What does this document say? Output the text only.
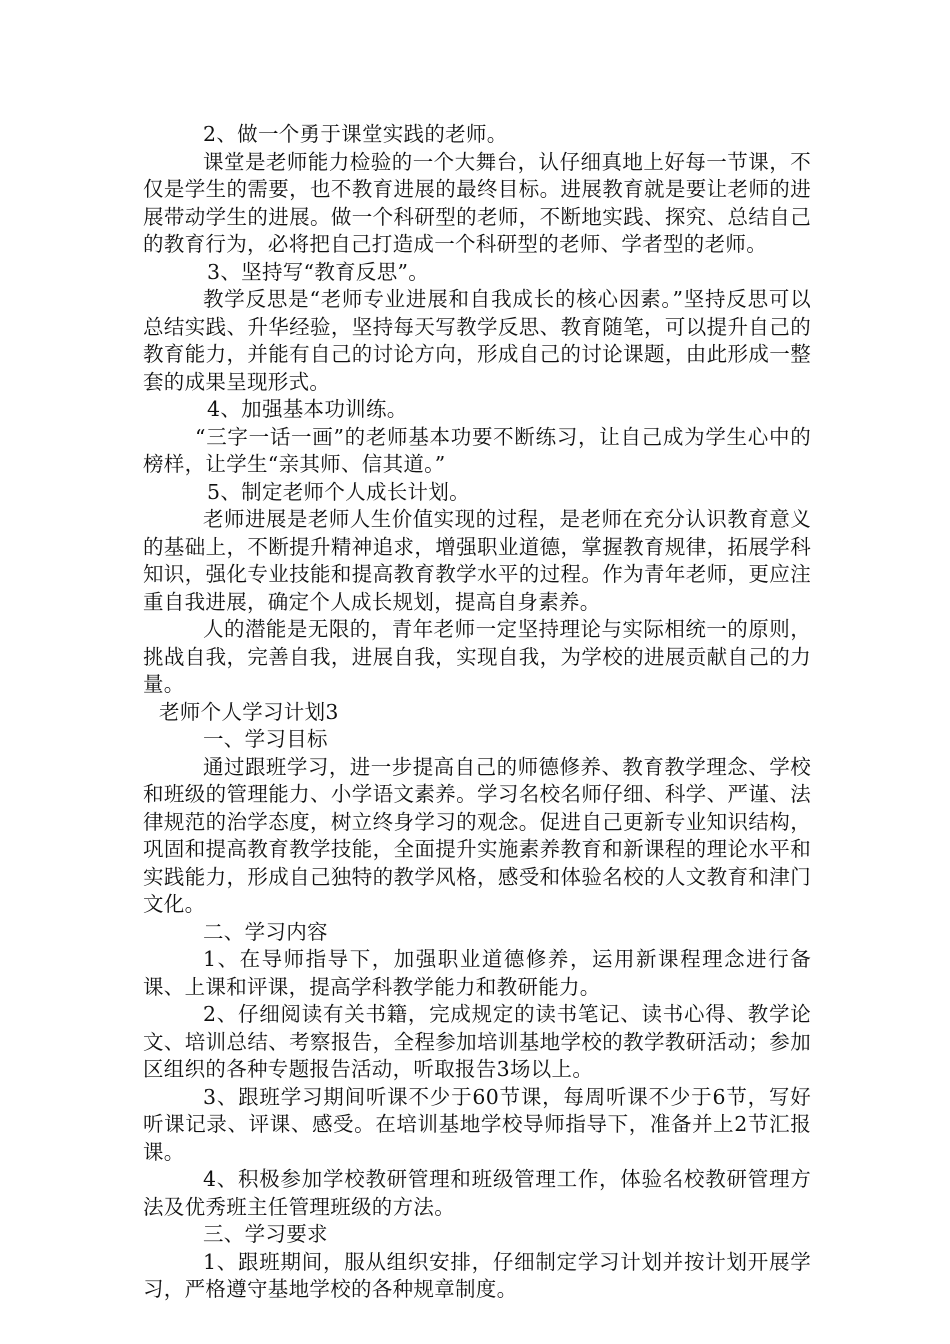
2、做一个勇于课堂实践的老师。

课堂是老师能力检验的一个大舞台，认仔细真地上好每一节课，不仅是学生的需要，也不教育进展的最终目标。进展教育就是要让老师的进展带动学生的进展。做一个科研型的老师，不断地实践、探究、总结自己的教育行为，必将把自己打造成一个科研型的老师、学者型的老师。

3、坚持写“教育反思”。

教学反思是“老师专业进展和自我成长的核心因素。”坚持反思可以总结实践、升华经验，坚持每天写教学反思、教育随笔，可以提升自己的教育能力，并能有自己的讨论方向，形成自己的讨论课题，由此形成一整套的成果呈现形式。

4、加强基本功训练。

“三字一话一画”的老师基本功要不断练习，让自己成为学生心中的榜样，让学生“亲其师、信其道。”

5、制定老师个人成长计划。

老师进展是老师人生价值实现的过程，是老师在充分认识教育意义的基础上，不断提升精神追求，增强职业道德，掌握教育规律，拓展学科知识，强化专业技能和提高教育教学水平的过程。作为青年老师，更应注重自我进展，确定个人成长规划，提高自身素养。

人的潜能是无限的，青年老师一定坚持理论与实际相统一的原则，挑战自我，完善自我，进展自我，实现自我，为学校的进展贡献自己的力量。

老师个人学习计划3

一、学习目标

通过跟班学习，进一步提高自己的师德修养、教育教学理念、学校和班级的管理能力、小学语文素养。学习名校名师仔细、科学、严谨、法律规范的治学态度，树立终身学习的观念。促进自己更新专业知识结构，巩固和提高教育教学技能，全面提升实施素养教育和新课程的理论水平和实践能力，形成自己独特的教学风格，感受和体验名校的人文教育和津门文化。

二、学习内容

1、在导师指导下，加强职业道德修养，运用新课程理念进行备课、上课和评课，提高学科教学能力和教研能力。

2、仔细阅读有关书籍，完成规定的读书笔记、读书心得、教学论文、培训总结、考察报告，全程参加培训基地学校的教学教研活动；参加区组织的各种专题报告活动，听取报告3场以上。

3、跟班学习期间听课不少于60节课，每周听课不少于6节，写好听课记录、评课、感受。在培训基地学校导师指导下，准备并上2节汇报课。

4、积极参加学校教研管理和班级管理工作，体验名校教研管理方法及优秀班主任管理班级的方法。

三、学习要求

1、跟班期间，服从组织安排，仔细制定学习计划并按计划开展学习，严格遵守基地学校的各种规章制度。
